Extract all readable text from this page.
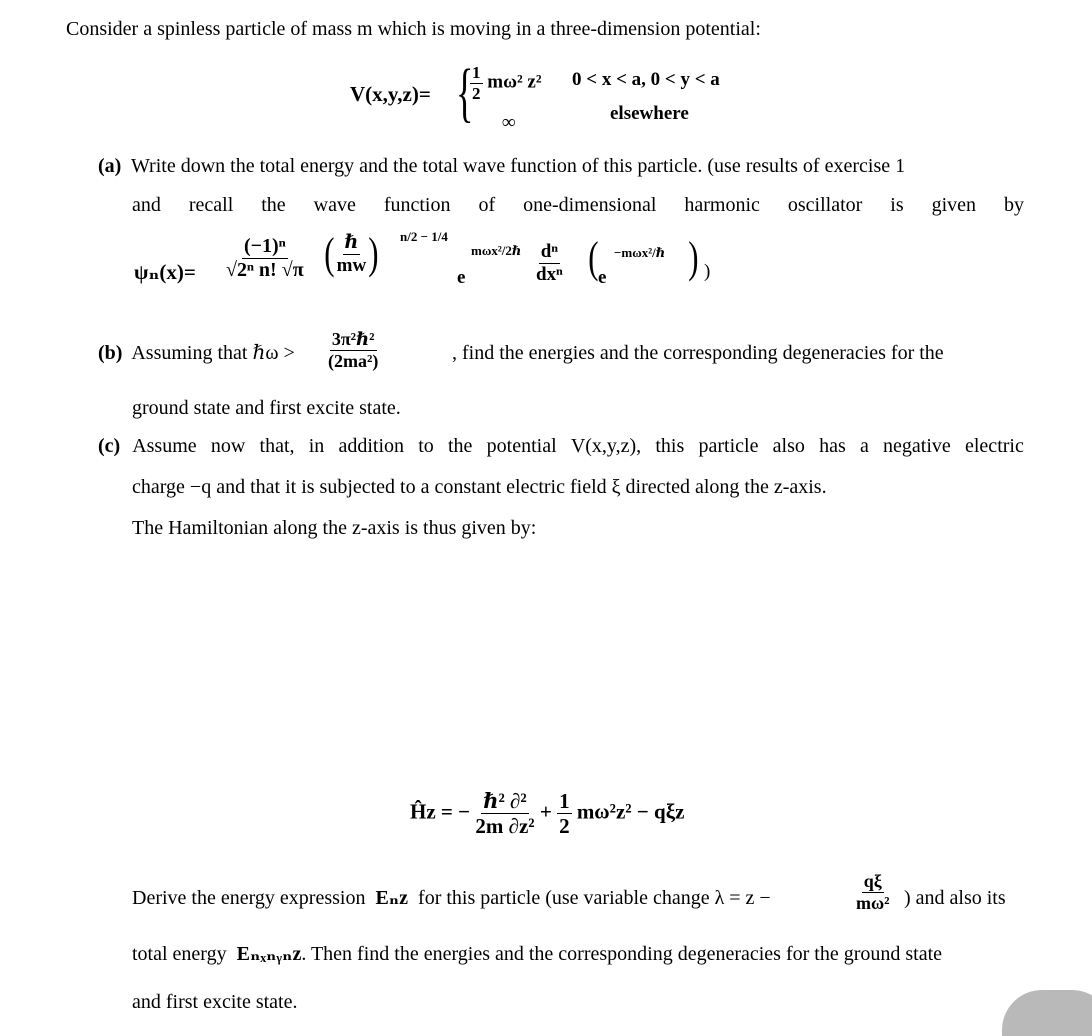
Consider a spinless particle of mass m which is moving in a three-dimension potential:
V(x,y,z)= {
$\frac{1}{2} m\omega^2$ z² 0 < x < a, 0 < y < a
∞	elsewhere
(a) Write down the total energy and the total wave function of this particle. (use results of exercise 1
and recall the wave function of one-dimensional harmonic oscillator is given by
$\psi_n(x)= \frac{\text{(−1)ⁿ}}{\text{√2ⁿ n! √π}}$ ( $\frac{\text{ℏ}}{mw}$ ) n/2 − 1/4
e
mωx²/2ℏ $\frac{\text{dⁿ}}{\text{dxⁿ}}$ ( e
−mωx²/ℏ ) )
(b) Assuming that ℏω > $\frac{\text{3π²ℏ²}}{\text{(2ma²)}}$	, find the energies and the corresponding degeneracies for the
ground state and first excite state.
(c) Assume now that, in addition to the potential V(x,y,z), this particle also has a negative electric
charge −q and that it is subjected to a constant electric field ξ directed along the z-axis.
The Hamiltonian along the z-axis is thus given by:
Ĥz = − $\frac{\text{ℏ² ∂²}}{\text{2m ∂z²}} + \frac{1}{2} m\omega^2z^2 - q\xi z$
Derive the energy expression Eₙz for this particle (use variable change λ = z −	$\frac{q\xi}{\text{mω²}}$ ) and also its
total energy Eₙₓₙᵧₙz. Then find the energies and the corresponding degeneracies for the ground state
and first excite state.
